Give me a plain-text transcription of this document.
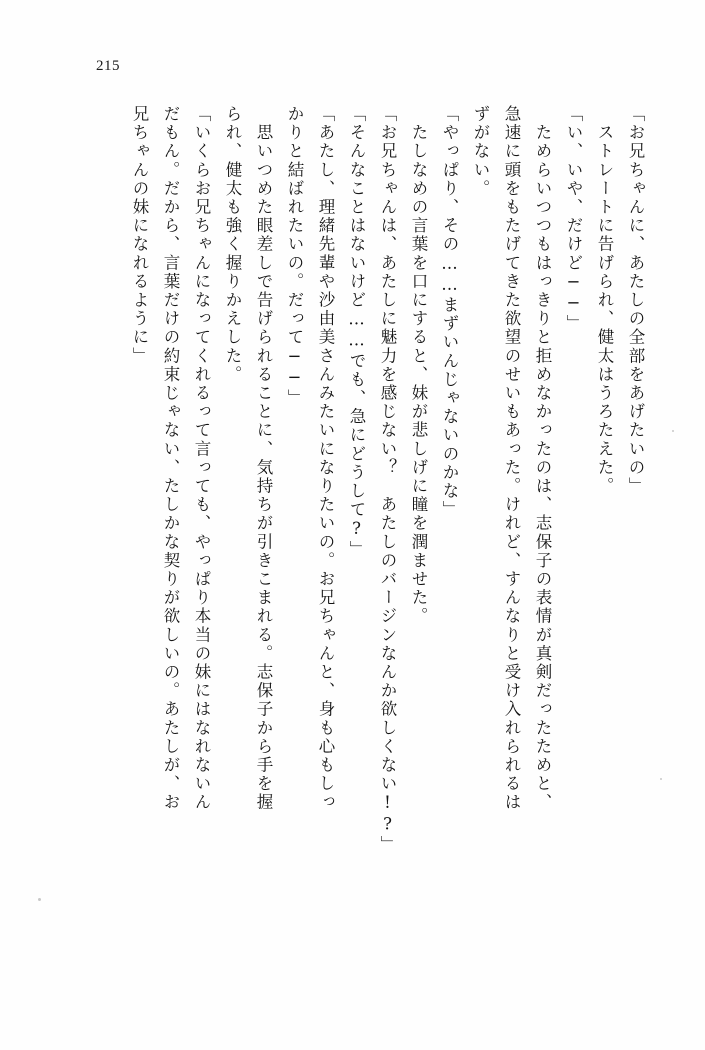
215
「お兄ちゃんに、あたしの全部をあげたいの」
　ストレートに告げられ、健太はうろたえた。
「い、いや、だけど──」
　ためらいつつもはっきりと拒めなかったのは、志保子の表情が真剣だったためと、
急速に頭をもたげてきた欲望のせいもあった。けれど、すんなりと受け入れられるは
ずがない。
「やっぱり、その……まずいんじゃないのかな」
　たしなめの言葉を口にすると、妹が悲しげに瞳を潤ませた。
「お兄ちゃんは、あたしに魅力を感じない？　あたしのバージンなんか欲しくない!?」
「そんなことはないけど……でも、急にどうして?」
「あたし、理緒先輩や沙由美さんみたいになりたいの。お兄ちゃんと、身も心もしっ
かりと結ばれたいの。だって──」
　思いつめた眼差しで告げられることに、気持ちが引きこまれる。志保子から手を握
られ、健太も強く握りかえした。
「いくらお兄ちゃんになってくれるって言っても、やっぱり本当の妹にはなれないん
だもん。だから、言葉だけの約束じゃない、たしかな契りが欲しいの。あたしが、お
兄ちゃんの妹になれるように」
